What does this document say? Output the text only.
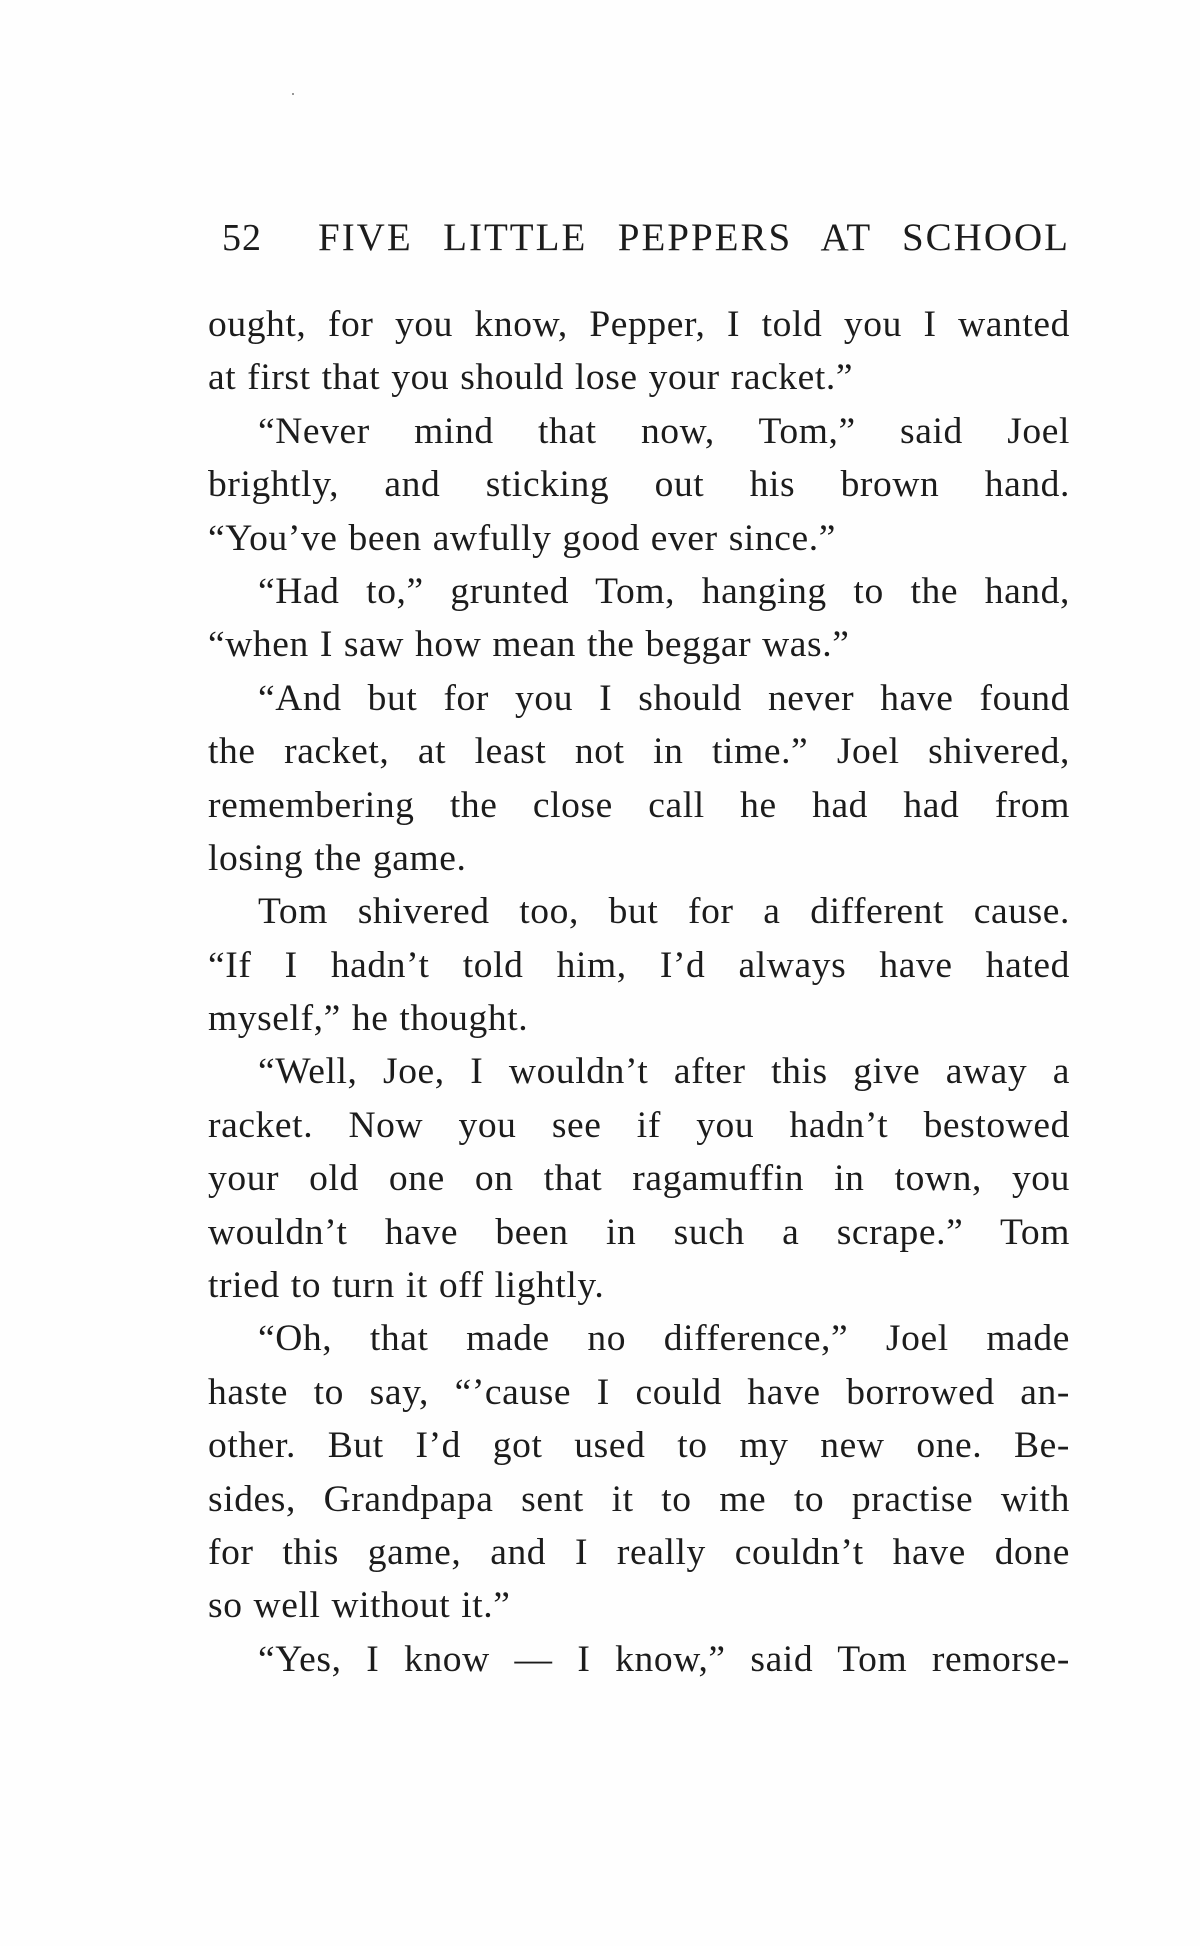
52 FIVE LITTLE PEPPERS AT SCHOOL
ought, for you know, Pepper, I told you I wanted
at first that you should lose your racket.”
“Never mind that now, Tom,” said Joel
brightly, and sticking out his brown hand.
“You’ve been awfully good ever since.”
“Had to,” grunted Tom, hanging to the hand,
“when I saw how mean the beggar was.”
“And but for you I should never have found
the racket, at least not in time.” Joel shivered,
remembering the close call he had had from
losing the game.
Tom shivered too, but for a different cause.
“If I hadn’t told him, I’d always have hated
myself,” he thought.
“Well, Joe, I wouldn’t after this give away a
racket. Now you see if you hadn’t bestowed
your old one on that ragamuffin in town, you
wouldn’t have been in such a scrape.” Tom
tried to turn it off lightly.
“Oh, that made no difference,” Joel made
haste to say, “’cause I could have borrowed an-
other. But I’d got used to my new one. Be-
sides, Grandpapa sent it to me to practise with
for this game, and I really couldn’t have done
so well without it.”
“Yes, I know — I know,” said Tom remorse-
